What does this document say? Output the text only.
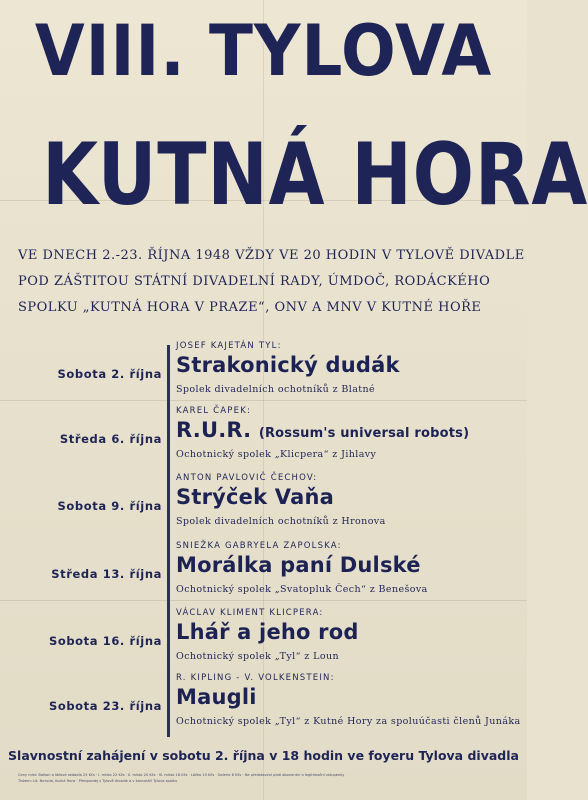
VIII. TYLOVA
KUTNÁ HORA
VE DNECH 2.-23. ŘÍJNA 1948 VŽDY VE 20 HODIN V TYLOVĚ DIVADLE
POD ZÁŠTITOU STÁTNÍ DIVADELNÍ RADY, ÚMDOČ, RODÁCKÉHO
SPOLKU „KUTNÁ HORA V PRAZE“, ONV A MNV V KUTNÉ HOŘE
Sobota 2. října
JOSEF KAJETÁN TYL:
Strakonický dudák
Spolek divadelních ochotníků z Blatné
Středa 6. října
KAREL ČAPEK:
R.U.R. (Rossum's universal robots)
Ochotnický spolek „Klicpera“ z Jihlavy
Sobota 9. října
ANTON PAVLOVIČ ČECHOV:
Strýček Vaňa
Spolek divadelních ochotníků z Hronova
Středa 13. října
SNIEŽKA GABRYELA ZAPOLSKA:
Morálka paní Dulské
Ochotnický spolek „Svatopluk Čech“ z Benešova
Sobota 16. října
VÁCLAV KLIMENT KLICPERA:
Lhář a jeho rod
Ochotnický spolek „Tyl“ z Loun
Sobota 23. října
R. KIPLING - V. VOLKENSTEIN:
Maugli
Ochotnický spolek „Tyl“ z Kutné Hory za spoluúčasti členů Junáka
Slavnostní zahájení v sobotu 2. října v 18 hodin ve foyeru Tylova divadla
Ceny míst: Balkon a lóžová sedadla 25 Kčs · I. místo 22 Kčs · II. místo 20 Kčs · III. místo 18 Kčs · Lóžka 15 Kčs · Galerie 8 Kčs · Na představení platí abonentní a legitimační vstupenky
Tiskem: Lit. Neruda, Kutná Hora · Předprodej v Tylově divadle a v kanceláři Tylova spolku
